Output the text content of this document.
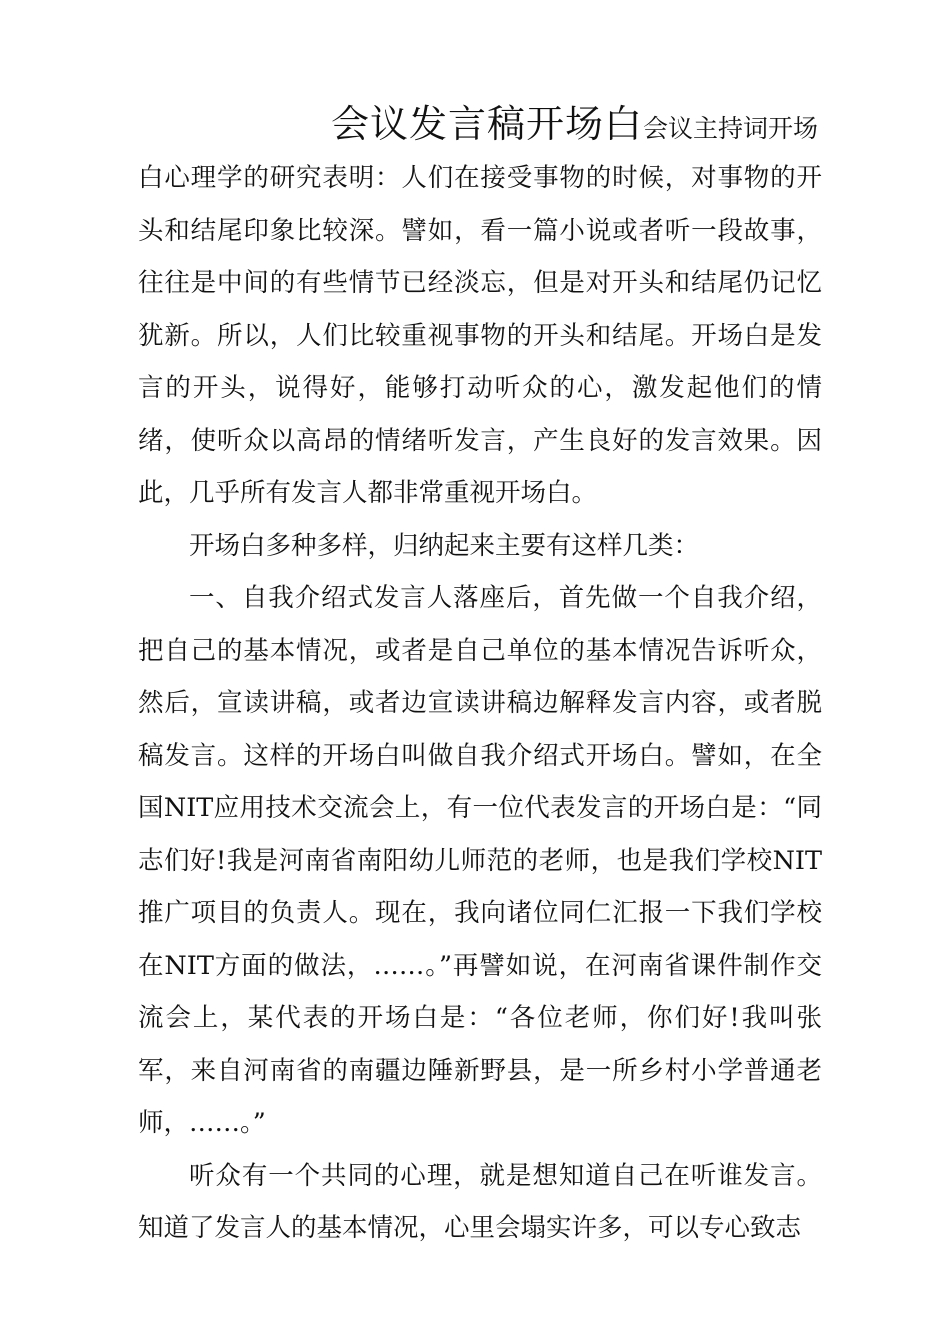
会议发言稿开场白会议主持词开场

白心理学的研究表明：人们在接受事物的时候，对事物的开头和结尾印象比较深。譬如，看一篇小说或者听一段故事，往往是中间的有些情节已经淡忘，但是对开头和结尾仍记忆犹新。所以，人们比较重视事物的开头和结尾。开场白是发言的开头，说得好，能够打动听众的心，激发起他们的情绪，使听众以高昂的情绪听发言，产生良好的发言效果。因此，几乎所有发言人都非常重视开场白。

开场白多种多样，归纳起来主要有这样几类：

一、自我介绍式发言人落座后，首先做一个自我介绍，把自己的基本情况，或者是自己单位的基本情况告诉听众，然后，宣读讲稿，或者边宣读讲稿边解释发言内容，或者脱稿发言。这样的开场白叫做自我介绍式开场白。譬如，在全国NIT应用技术交流会上，有一位代表发言的开场白是：“同志们好!我是河南省南阳幼儿师范的老师，也是我们学校NIT推广项目的负责人。现在，我向诸位同仁汇报一下我们学校在NIT方面的做法，……。”再譬如说，在河南省课件制作交流会上，某代表的开场白是：“各位老师，你们好!我叫张军，来自河南省的南疆边陲新野县，是一所乡村小学普通老师，……。”

听众有一个共同的心理，就是想知道自己在听谁发言。知道了发言人的基本情况，心里会塌实许多，可以专心致志
